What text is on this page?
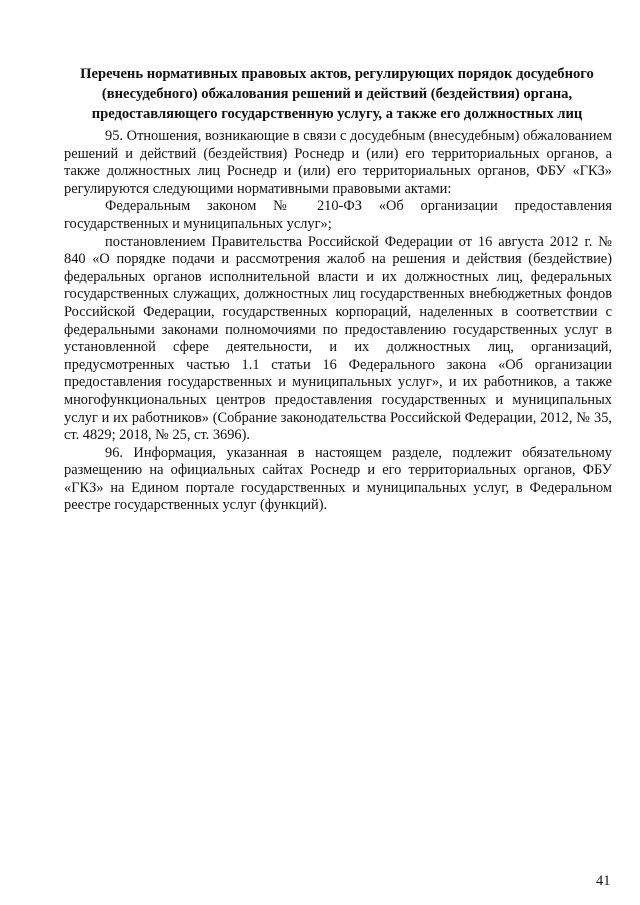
Перечень нормативных правовых актов, регулирующих порядок досудебного
(внесудебного) обжалования решений и действий (бездействия) органа,
предоставляющего государственную услугу, а также его должностных лиц

95. Отношения, возникающие в связи с досудебным (внесудебным) обжалованием решений и действий (бездействия) Роснедр и (или) его территориальных органов, а также должностных лиц Роснедр и (или) его территориальных органов, ФБУ «ГКЗ» регулируются следующими нормативными правовыми актами:

Федеральным законом № 210-ФЗ «Об организации предоставления государственных и муниципальных услуг»;

постановлением Правительства Российской Федерации от 16 августа 2012 г. № 840 «О порядке подачи и рассмотрения жалоб на решения и действия (бездействие) федеральных органов исполнительной власти и их должностных лиц, федеральных государственных служащих, должностных лиц государственных внебюджетных фондов Российской Федерации, государственных корпораций, наделенных в соответствии с федеральными законами полномочиями по предоставлению государственных услуг в установленной сфере деятельности, и их должностных лиц, организаций, предусмотренных частью 1.1 статьи 16 Федерального закона «Об организации предоставления государственных и муниципальных услуг», и их работников, а также многофункциональных центров предоставления государственных и муниципальных услуг и их работников» (Собрание законодательства Российской Федерации, 2012, № 35, ст. 4829; 2018, № 25, ст. 3696).

96. Информация, указанная в настоящем разделе, подлежит обязательному размещению на официальных сайтах Роснедр и его территориальных органов, ФБУ «ГКЗ» на Едином портале государственных и муниципальных услуг, в Федеральном реестре государственных услуг (функций).

41
